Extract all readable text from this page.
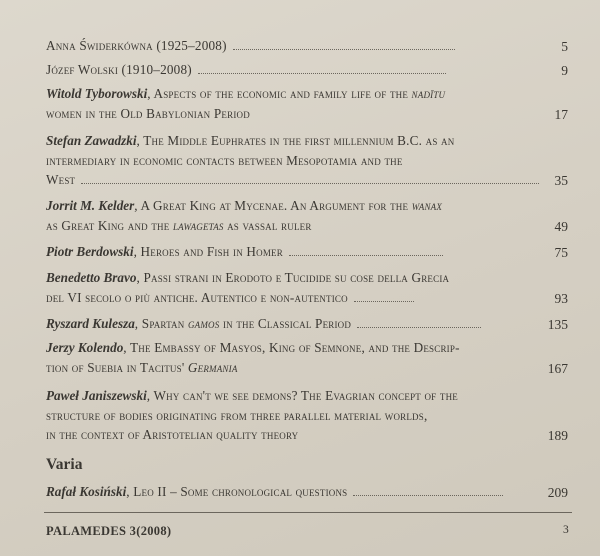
Anna Świderkówna (1925–2008)	5
Józef Wolski (1910–2008)	9
Witold Tyborowski, Aspects of the economic and family life of the nadītu
women in the Old Babylonian Period	17
Stefan Zawadzki, The Middle Euphrates in the first millennium B.C. as an
intermediary in economic contacts between Mesopotamia and the
West	35
Jorrit M. Kelder, A Great King at Mycenae. An Argument for the wanax
as Great King and the lawagetas as vassal ruler	49
Piotr Berdowski, Heroes and Fish in Homer	75
Benedetto Bravo, Passi strani in Erodoto e Tucidide su cose della Grecia
del VI secolo o più antiche. Autentico e non-autentico	93
Ryszard Kulesza, Spartan gamos in the Classical Period	135
Jerzy Kolendo, The Embassy of Masyos, King of Semnone, and the Descrip-
tion of Suebia in Tacitus' Germania	167
Paweł Janiszewski, Why can't we see demons? The Evagrian concept of the
structure of bodies originating from three parallel material worlds,
in the context of Aristotelian quality theory	189
Varia
Rafał Kosiński, Leo II – Some chronological questions	209
PALAMEDES 3(2008)	3
